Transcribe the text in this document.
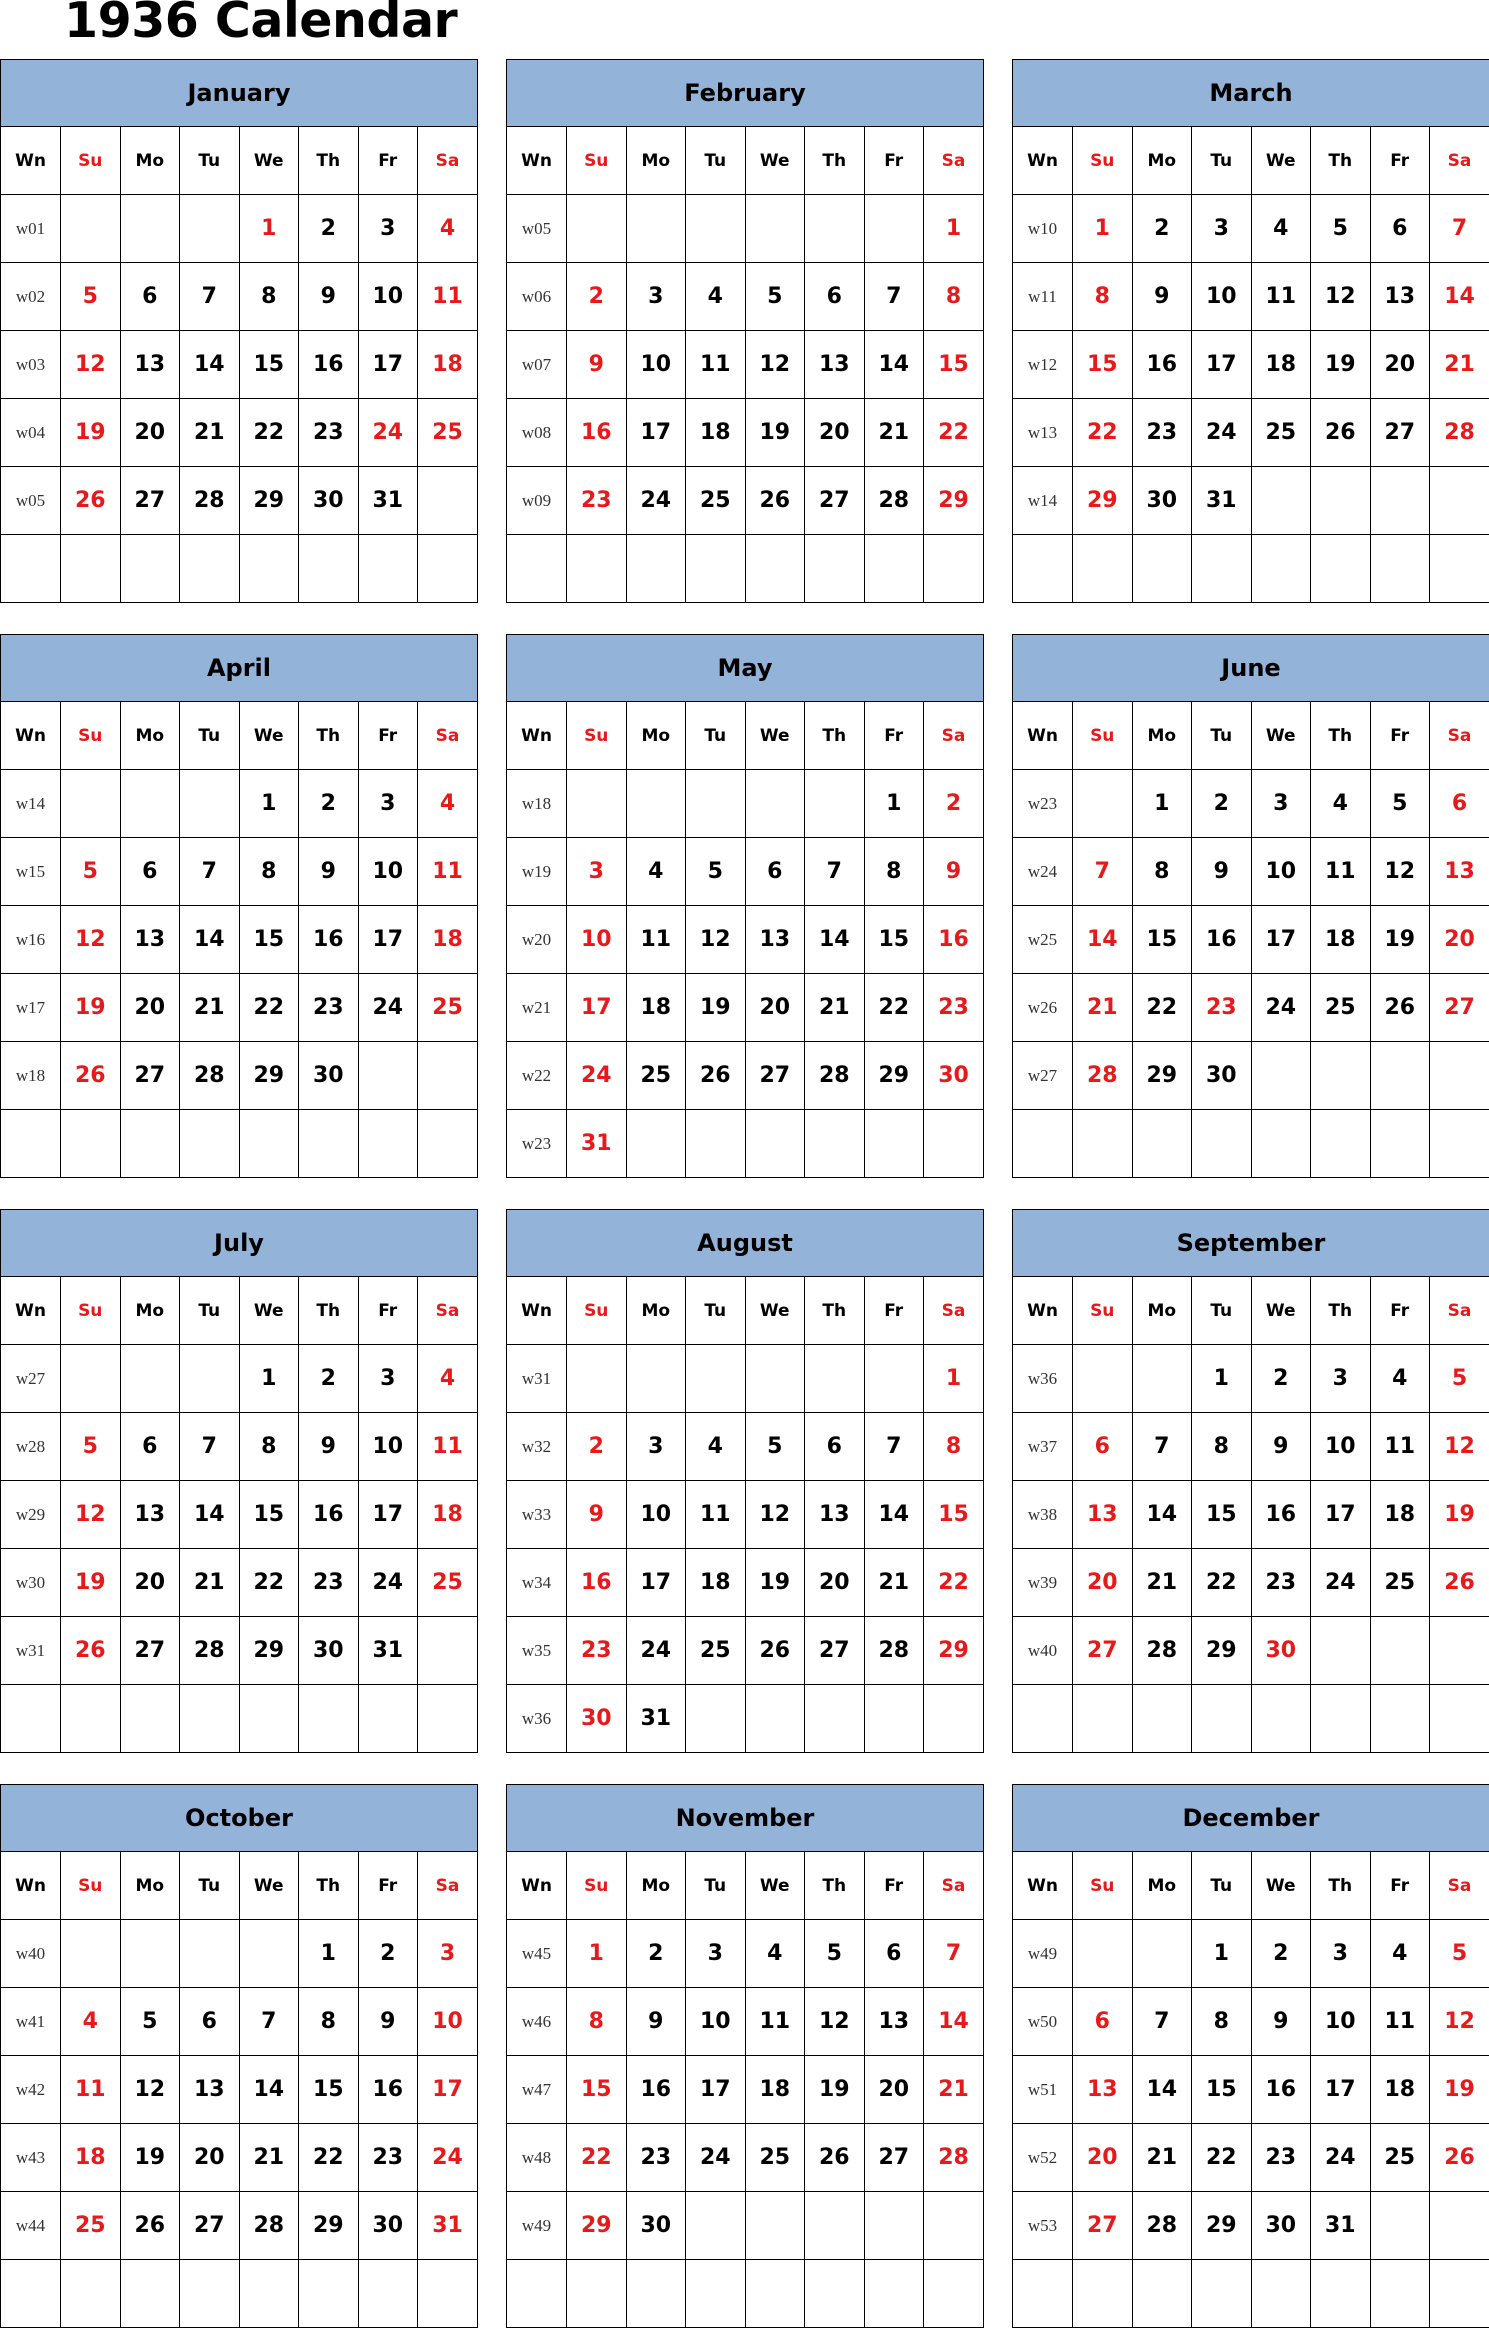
1936 Calendar
January
Wn	Su	Mo	Tu	We	Th	Fr	Sa
w01				1	2	3	4
w02	5	6	7	8	9	10	11
w03	12	13	14	15	16	17	18
w04	19	20	21	22	23	24	25
w05	26	27	28	29	30	31	

February
Wn	Su	Mo	Tu	We	Th	Fr	Sa
w05							1
w06	2	3	4	5	6	7	8
w07	9	10	11	12	13	14	15
w08	16	17	18	19	20	21	22
w09	23	24	25	26	27	28	29

March
Wn	Su	Mo	Tu	We	Th	Fr	Sa
w10	1	2	3	4	5	6	7
w11	8	9	10	11	12	13	14
w12	15	16	17	18	19	20	21
w13	22	23	24	25	26	27	28
w14	29	30	31				

April
Wn	Su	Mo	Tu	We	Th	Fr	Sa
w14				1	2	3	4
w15	5	6	7	8	9	10	11
w16	12	13	14	15	16	17	18
w17	19	20	21	22	23	24	25
w18	26	27	28	29	30		

May
Wn	Su	Mo	Tu	We	Th	Fr	Sa
w18						1	2
w19	3	4	5	6	7	8	9
w20	10	11	12	13	14	15	16
w21	17	18	19	20	21	22	23
w22	24	25	26	27	28	29	30
w23	31						
June
Wn	Su	Mo	Tu	We	Th	Fr	Sa
w23		1	2	3	4	5	6
w24	7	8	9	10	11	12	13
w25	14	15	16	17	18	19	20
w26	21	22	23	24	25	26	27
w27	28	29	30				

July
Wn	Su	Mo	Tu	We	Th	Fr	Sa
w27				1	2	3	4
w28	5	6	7	8	9	10	11
w29	12	13	14	15	16	17	18
w30	19	20	21	22	23	24	25
w31	26	27	28	29	30	31	

August
Wn	Su	Mo	Tu	We	Th	Fr	Sa
w31							1
w32	2	3	4	5	6	7	8
w33	9	10	11	12	13	14	15
w34	16	17	18	19	20	21	22
w35	23	24	25	26	27	28	29
w36	30	31					
September
Wn	Su	Mo	Tu	We	Th	Fr	Sa
w36			1	2	3	4	5
w37	6	7	8	9	10	11	12
w38	13	14	15	16	17	18	19
w39	20	21	22	23	24	25	26
w40	27	28	29	30			

October
Wn	Su	Mo	Tu	We	Th	Fr	Sa
w40					1	2	3
w41	4	5	6	7	8	9	10
w42	11	12	13	14	15	16	17
w43	18	19	20	21	22	23	24
w44	25	26	27	28	29	30	31

November
Wn	Su	Mo	Tu	We	Th	Fr	Sa
w45	1	2	3	4	5	6	7
w46	8	9	10	11	12	13	14
w47	15	16	17	18	19	20	21
w48	22	23	24	25	26	27	28
w49	29	30					

December
Wn	Su	Mo	Tu	We	Th	Fr	Sa
w49			1	2	3	4	5
w50	6	7	8	9	10	11	12
w51	13	14	15	16	17	18	19
w52	20	21	22	23	24	25	26
w53	27	28	29	30	31		
